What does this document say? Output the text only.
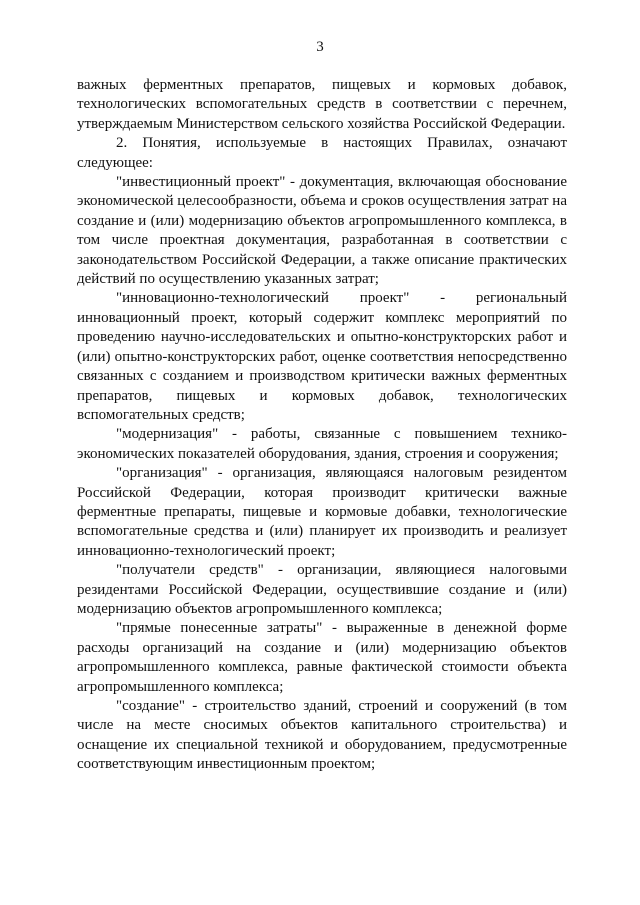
3

важных ферментных препаратов, пищевых и кормовых добавок, технологических вспомогательных средств в соответствии с перечнем, утверждаемым Министерством сельского хозяйства Российской Федерации.

2. Понятия, используемые в настоящих Правилах, означают следующее:

"инвестиционный проект" - документация, включающая обоснование экономической целесообразности, объема и сроков осуществления затрат на создание и (или) модернизацию объектов агропромышленного комплекса, в том числе проектная документация, разработанная в соответствии с законодательством Российской Федерации, а также описание практических действий по осуществлению указанных затрат;

"инновационно-технологический проект" - региональный инновационный проект, который содержит комплекс мероприятий по проведению научно-исследовательских и опытно-конструкторских работ и (или) опытно-конструкторских работ, оценке соответствия непосредственно связанных с созданием и производством критически важных ферментных препаратов, пищевых и кормовых добавок, технологических вспомогательных средств;

"модернизация" - работы, связанные с повышением технико-экономических показателей оборудования, здания, строения и сооружения;

"организация" - организация, являющаяся налоговым резидентом Российской Федерации, которая производит критически важные ферментные препараты, пищевые и кормовые добавки, технологические вспомогательные средства и (или) планирует их производить и реализует инновационно-технологический проект;

"получатели средств" - организации, являющиеся налоговыми резидентами Российской Федерации, осуществившие создание и (или) модернизацию объектов агропромышленного комплекса;

"прямые понесенные затраты" - выраженные в денежной форме расходы организаций на создание и (или) модернизацию объектов агропромышленного комплекса, равные фактической стоимости объекта агропромышленного комплекса;

"создание" - строительство зданий, строений и сооружений (в том числе на месте сносимых объектов капитального строительства) и оснащение их специальной техникой и оборудованием, предусмотренные соответствующим инвестиционным проектом;
